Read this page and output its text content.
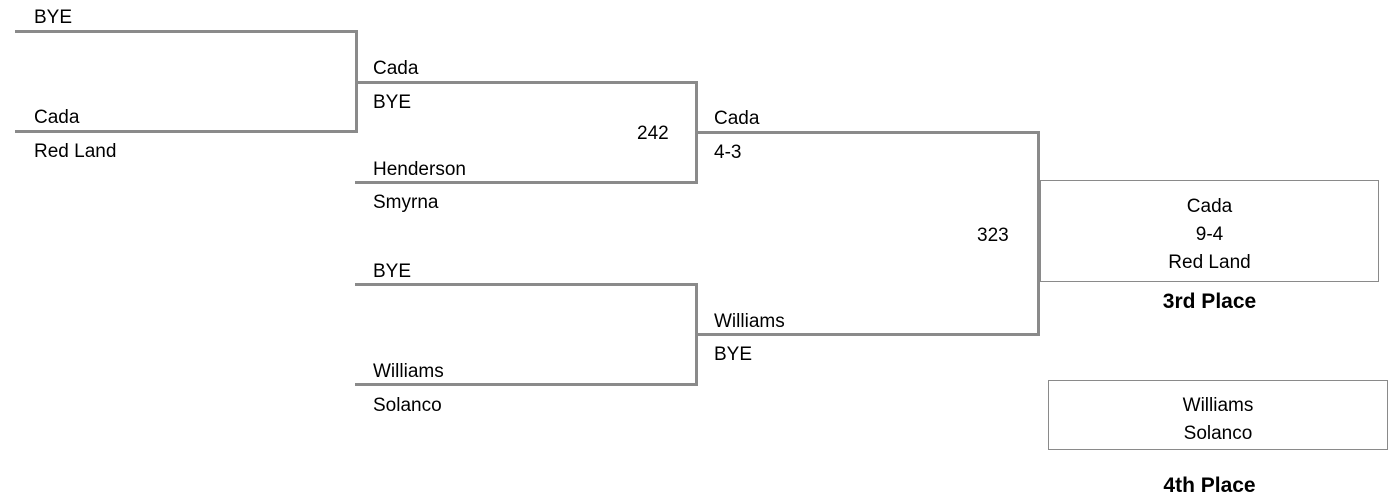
BYE
Cada
Red Land
Cada
BYE
242
Henderson
Smyrna
BYE
Williams
Solanco
Cada
4-3
323
Williams
BYE
Cada
9-4
Red Land
3rd Place
Williams
Solanco
4th Place
